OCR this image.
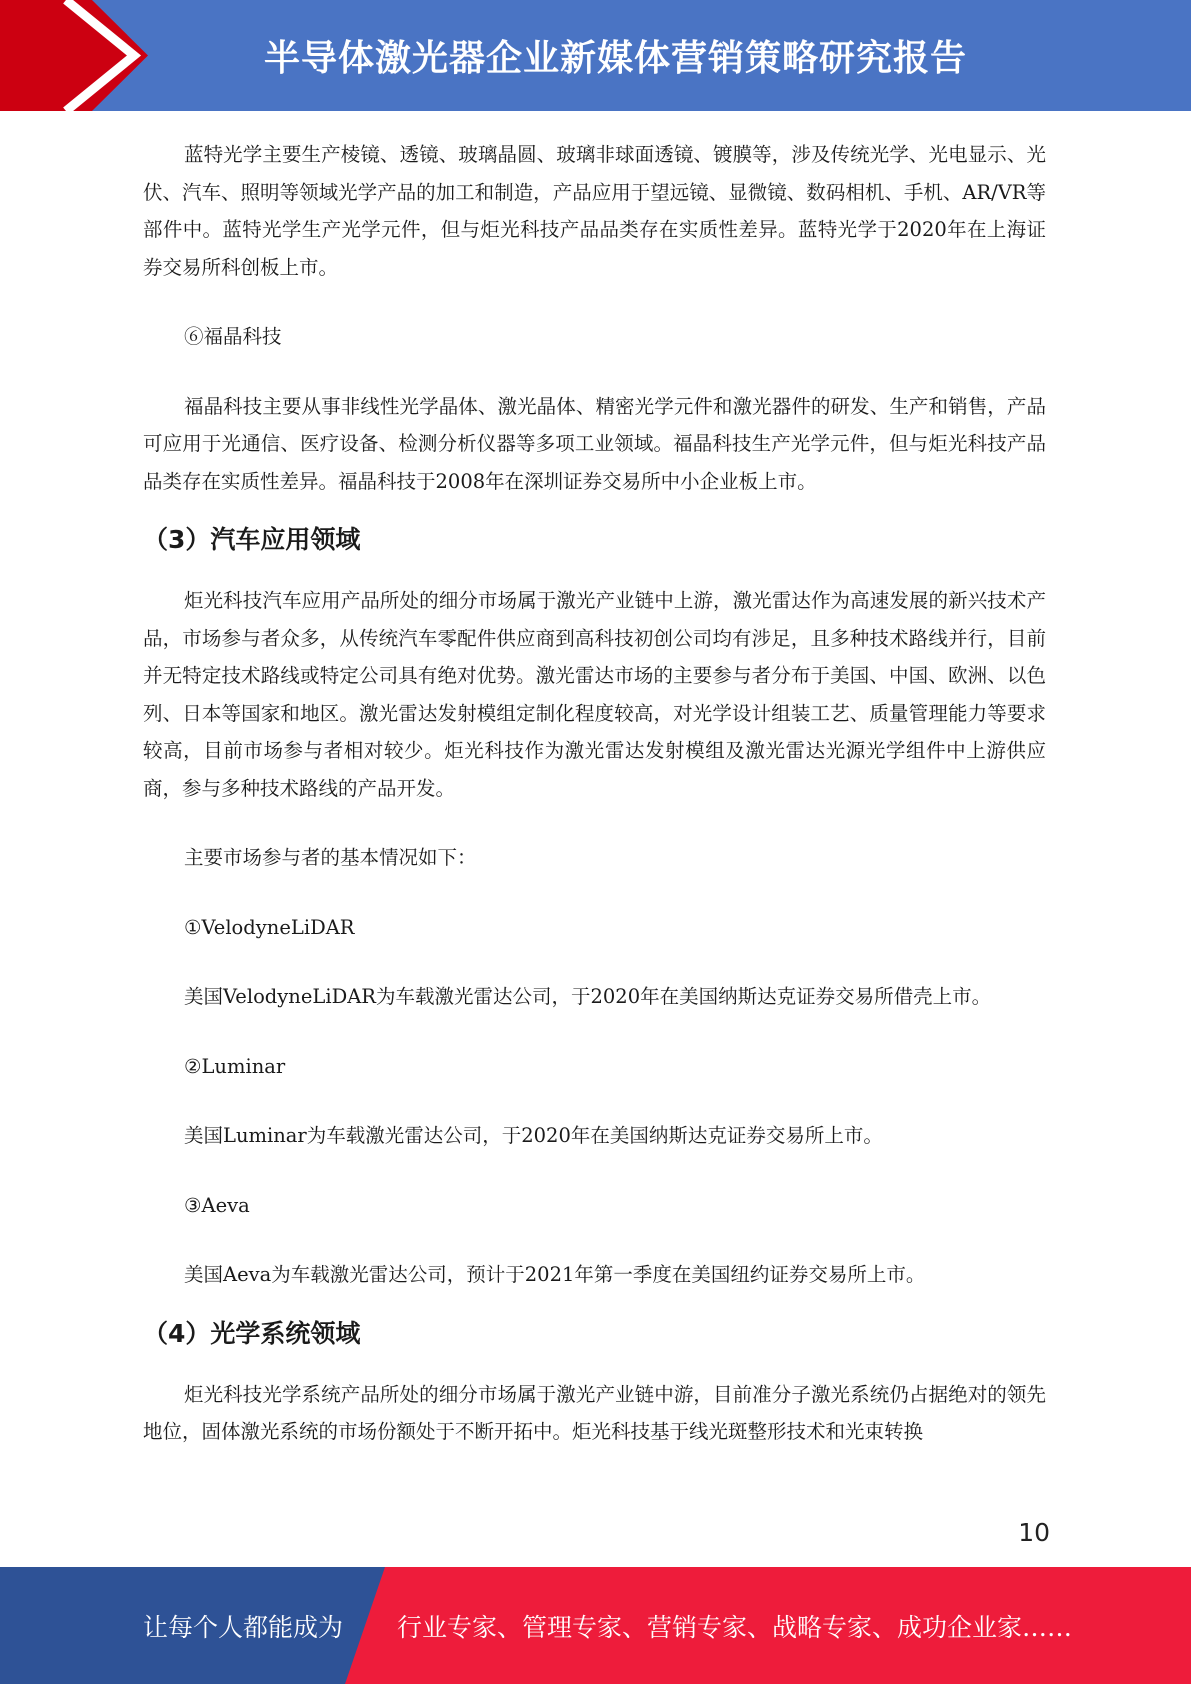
半导体激光器企业新媒体营销策略研究报告

蓝特光学主要生产棱镜、透镜、玻璃晶圆、玻璃非球面透镜、镀膜等，涉及传统光学、光电显示、光伏、汽车、照明等领域光学产品的加工和制造，产品应用于望远镜、显微镜、数码相机、手机、AR/VR等部件中。蓝特光学生产光学元件，但与炬光科技产品品类存在实质性差异。蓝特光学于2020年在上海证券交易所科创板上市。

⑥福晶科技

福晶科技主要从事非线性光学晶体、激光晶体、精密光学元件和激光器件的研发、生产和销售，产品可应用于光通信、医疗设备、检测分析仪器等多项工业领域。福晶科技生产光学元件，但与炬光科技产品品类存在实质性差异。福晶科技于2008年在深圳证券交易所中小企业板上市。

（3）汽车应用领域

炬光科技汽车应用产品所处的细分市场属于激光产业链中上游，激光雷达作为高速发展的新兴技术产品，市场参与者众多，从传统汽车零配件供应商到高科技初创公司均有涉足，且多种技术路线并行，目前并无特定技术路线或特定公司具有绝对优势。激光雷达市场的主要参与者分布于美国、中国、欧洲、以色列、日本等国家和地区。激光雷达发射模组定制化程度较高，对光学设计组装工艺、质量管理能力等要求较高，目前市场参与者相对较少。炬光科技作为激光雷达发射模组及激光雷达光源光学组件中上游供应商，参与多种技术路线的产品开发。

主要市场参与者的基本情况如下：

①VelodyneLiDAR

美国VelodyneLiDAR为车载激光雷达公司，于2020年在美国纳斯达克证券交易所借壳上市。

②Luminar

美国Luminar为车载激光雷达公司，于2020年在美国纳斯达克证券交易所上市。

③Aeva

美国Aeva为车载激光雷达公司，预计于2021年第一季度在美国纽约证券交易所上市。

（4）光学系统领域

炬光科技光学系统产品所处的细分市场属于激光产业链中游，目前准分子激光系统仍占据绝对的领先地位，固体激光系统的市场份额处于不断开拓中。炬光科技基于线光斑整形技术和光束转换

10
让每个人都能成为 行业专家、管理专家、营销专家、战略专家、成功企业家……
